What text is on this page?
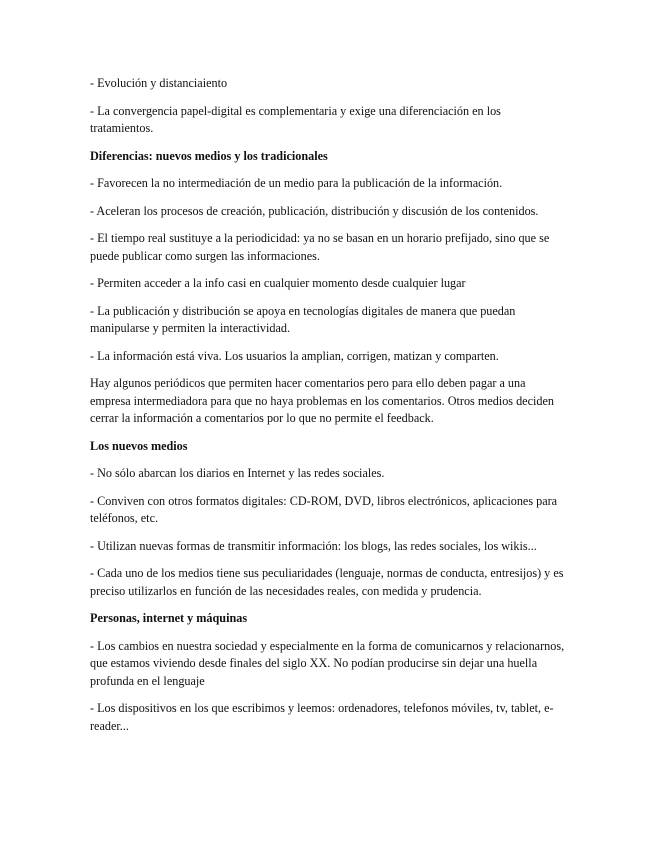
- Evolución y distanciaiento

- La convergencia papel-digital es complementaria y exige una diferenciación en los tratamientos.

Diferencias: nuevos medios y los tradicionales

- Favorecen la no intermediación de un medio para la publicación de la información.

- Aceleran los procesos de creación, publicación, distribución y discusión de los contenidos.

- El tiempo real sustituye a la periodicidad: ya no se basan en un horario prefijado, sino que se puede publicar como surgen las informaciones.

- Permiten acceder a la info casi en cualquier momento desde cualquier lugar

- La publicación y distribución se apoya en tecnologías digitales de manera que puedan manipularse y permiten la interactividad.

- La información está viva. Los usuarios la amplian, corrigen, matizan y comparten.

Hay algunos periódicos que permiten hacer comentarios pero para ello deben pagar a una empresa intermediadora para que no haya problemas en los comentarios. Otros medios deciden cerrar la información a comentarios por lo que no permite el feedback.

Los nuevos medios

- No sólo abarcan los diarios en Internet y las redes sociales.

- Conviven con otros formatos digitales: CD-ROM, DVD, libros electrónicos, aplicaciones para teléfonos, etc.

- Utilizan nuevas formas de transmitir información: los blogs, las redes sociales, los wikis...

- Cada uno de los medios tiene sus peculiaridades (lenguaje, normas de conducta, entresijos) y es preciso utilizarlos en función de las necesidades reales, con medida y prudencia.

Personas, internet y máquinas

- Los cambios en nuestra sociedad y especialmente en la forma de comunicarnos y relacionarnos, que estamos viviendo desde finales del siglo XX. No podían producirse sin dejar una huella profunda en el lenguaje

- Los dispositivos en los que escribimos y leemos: ordenadores, telefonos móviles, tv, tablet, e-reader...
